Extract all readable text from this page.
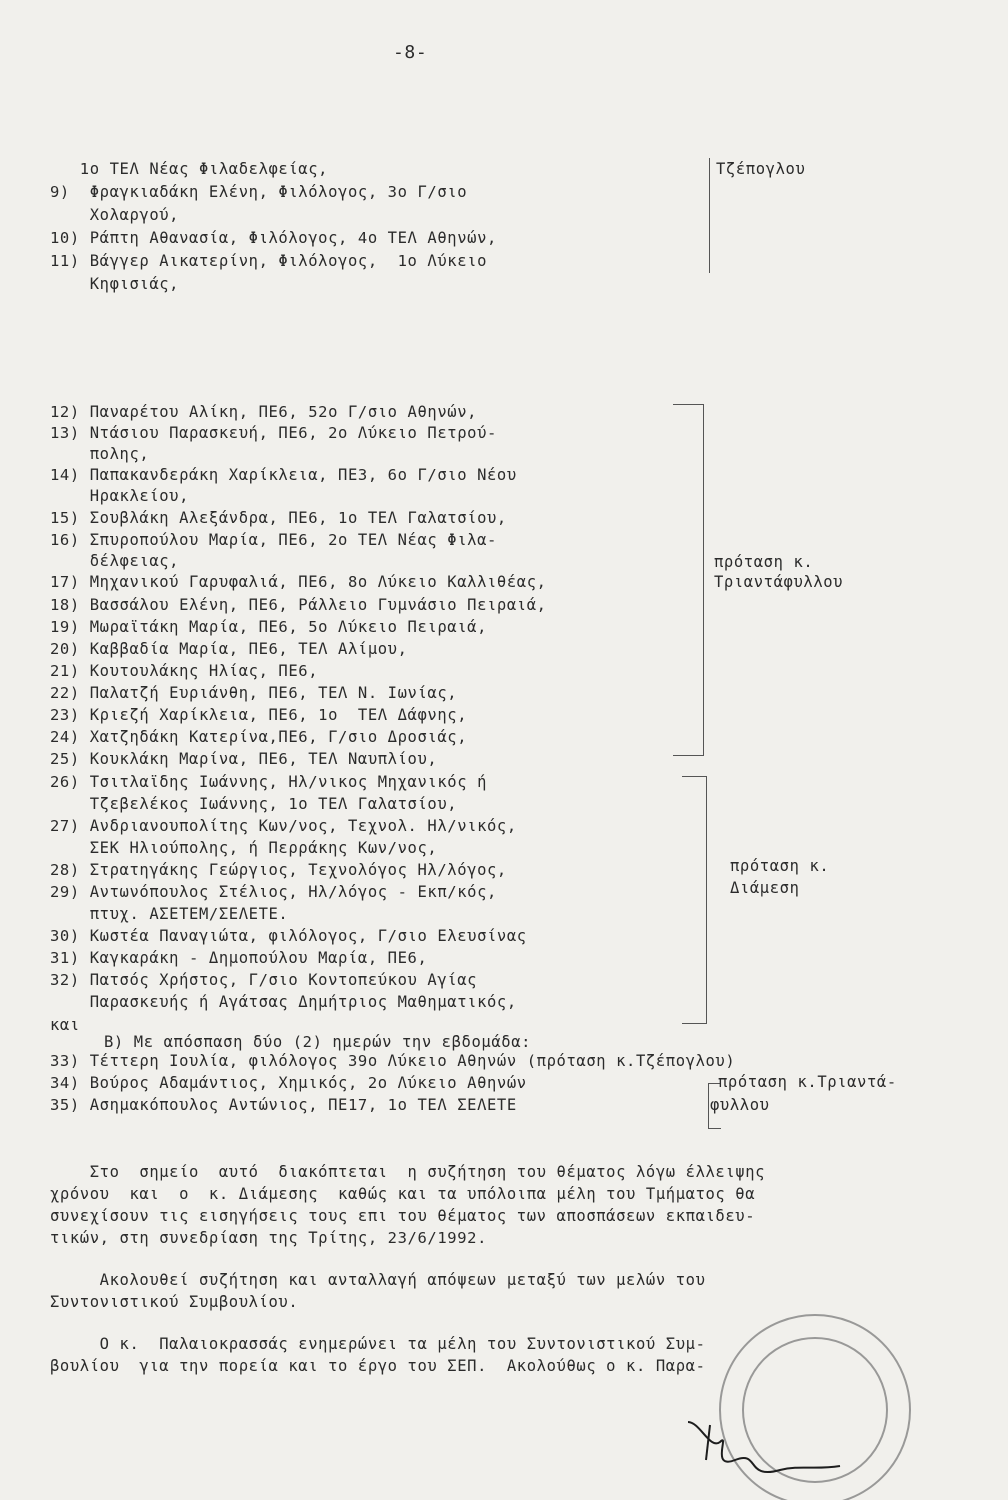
-8-
1ο ΤΕΛ Νέας Φιλαδελφείας,
9)  Φραγκιαδάκη Ελένη, Φιλόλογος, 3ο Γ/σιο
Χολαργού,
10) Ράπτη Αθανασία, Φιλόλογος, 4ο ΤΕΛ Αθηνών,
11) Βάγγερ Αικατερίνη, Φιλόλογος,  1ο Λύκειο
Κηφισιάς,
Τζέπογλου
12) Παναρέτου Αλίκη, ΠΕ6, 52ο Γ/σιο Αθηνών,
13) Ντάσιου Παρασκευή, ΠΕ6, 2ο Λύκειο Πετρού-
πολης,
14) Παπακανδεράκη Χαρίκλεια, ΠΕ3, 6ο Γ/σιο Νέου
Ηρακλείου,
15) Σουβλάκη Αλεξάνδρα, ΠΕ6, 1ο ΤΕΛ Γαλατσίου,
16) Σπυροπούλου Μαρία, ΠΕ6, 2ο ΤΕΛ Νέας Φιλα-
δέλφειας,
17) Μηχανικού Γαρυφαλιά, ΠΕ6, 8ο Λύκειο Καλλιθέας,
18) Βασσάλου Ελένη, ΠΕ6, Ράλλειο Γυμνάσιο Πειραιά,
19) Μωραϊτάκη Μαρία, ΠΕ6, 5ο Λύκειο Πειραιά,
20) Καββαδία Μαρία, ΠΕ6, ΤΕΛ Αλίμου,
21) Κουτουλάκης Ηλίας, ΠΕ6,
22) Παλατζή Ευριάνθη, ΠΕ6, ΤΕΛ Ν. Ιωνίας,
23) Κριεζή Χαρίκλεια, ΠΕ6, 1ο  ΤΕΛ Δάφνης,
24) Χατζηδάκη Κατερίνα,ΠΕ6, Γ/σιο Δροσιάς,
25) Κουκλάκη Μαρίνα, ΠΕ6, ΤΕΛ Ναυπλίου,
πρόταση κ.
Τριαντάφυλλου
26) Τσιτλαϊδης Ιωάννης, Ηλ/νικος Μηχανικός ή
Τζεβελέκος Ιωάννης, 1ο ΤΕΛ Γαλατσίου,
27) Ανδριανουπολίτης Κων/νος, Τεχνολ. Ηλ/νικός,
ΣΕΚ Ηλιούπολης, ή Περράκης Κων/νος,
28) Στρατηγάκης Γεώργιος, Τεχνολόγος Ηλ/λόγος,
29) Αντωνόπουλος Στέλιος, Ηλ/λόγος - Εκπ/κός,
πτυχ. ΑΣΕΤΕΜ/ΣΕΛΕΤΕ.
30) Κωστέα Παναγιώτα, φιλόλογος, Γ/σιο Ελευσίνας
31) Καγκαράκη - Δημοπούλου Μαρία, ΠΕ6,
32) Πατσός Χρήστος, Γ/σιο Κοντοπεύκου Αγίας
Παρασκευής ή Αγάτσας Δημήτριος Μαθηματικός,
πρόταση κ.
Διάμεση
και
Β) Με απόσπαση δύο (2) ημερών την εβδομάδα:
33) Τέττερη Ιουλία, φιλόλογος 39ο Λύκειο Αθηνών (πρόταση κ.Τζέπογλου)
34) Βούρος Αδαμάντιος, Χημικός, 2ο Λύκειο Αθηνών
35) Ασημακόπουλος Αντώνιος, ΠΕ17, 1ο ΤΕΛ ΣΕΛΕΤΕ
πρόταση κ.Τριαντά-
φυλλου
Στο  σημείο  αυτό  διακόπτεται  η συζήτηση του θέματος λόγω έλλειψης
χρόνου  και  ο  κ. Διάμεσης  καθώς και τα υπόλοιπα μέλη του Τμήματος θα
συνεχίσουν τις εισηγήσεις τους επι του θέματος των αποσπάσεων εκπαιδευ-
τικών, στη συνεδρίαση της Τρίτης, 23/6/1992.
Ακολουθεί συζήτηση και ανταλλαγή απόψεων μεταξύ των μελών του
Συντονιστικού Συμβουλίου.
Ο κ.  Παλαιοκρασσάς ενημερώνει τα μέλη του Συντονιστικού Συμ-
βουλίου  για την πορεία και το έργο του ΣΕΠ.  Ακολούθως ο κ. Παρα-
